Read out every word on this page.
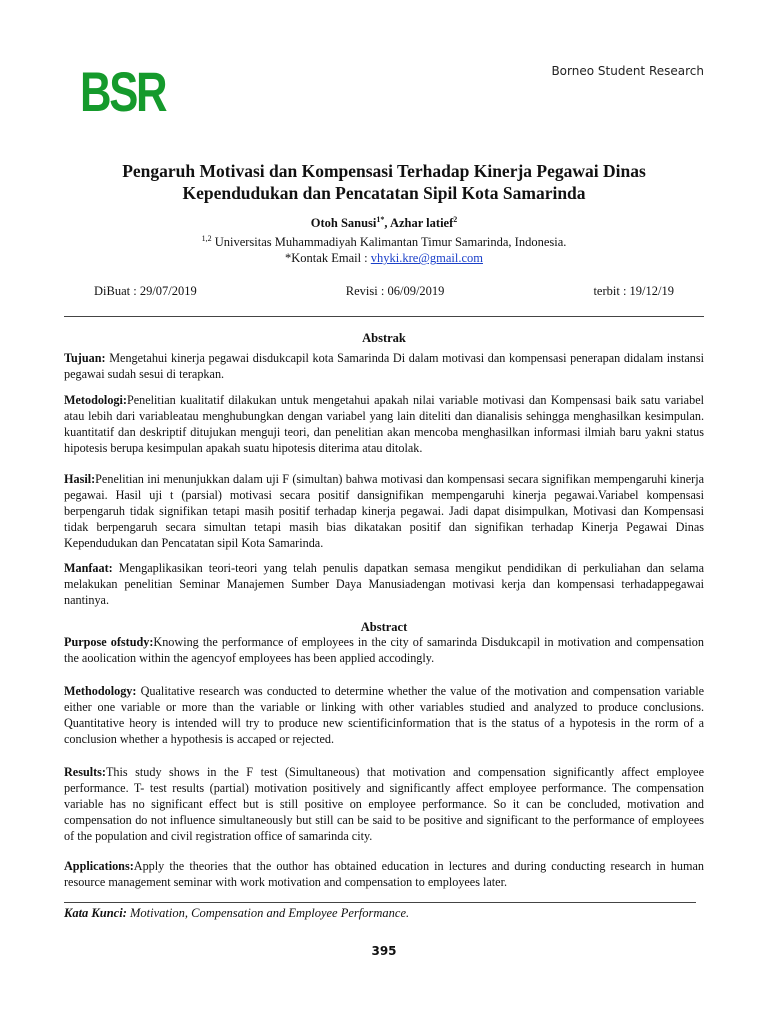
BSR	Borneo Student Research
Pengaruh Motivasi dan Kompensasi Terhadap Kinerja Pegawai Dinas
Kependudukan dan Pencatatan Sipil Kota Samarinda
Otoh Sanusi$^{1*}$, Azhar latief$^2$
$^{1,2}$ Universitas Muhammadiyah Kalimantan Timur Samarinda, Indonesia.
*Kontak Email : vhyki.kre@gmail.com
DiBuat : 29/07/2019	Revisi : 06/09/2019	terbit : 19/12/19
Abstrak

Tujuan: Mengetahui kinerja pegawai disdukcapil kota Samarinda Di dalam motivasi dan kompensasi penerapan didalam instansi pegawai sudah sesui di terapkan.

Metodologi:Penelitian kualitatif dilakukan untuk mengetahui apakah nilai variable motivasi dan Kompensasi baik satu variabel atau lebih dari variableatau menghubungkan dengan variabel yang lain diteliti dan dianalisis sehingga menghasilkan kesimpulan. kuantitatif dan deskriptif ditujukan menguji teori, dan penelitian akan mencoba menghasilkan informasi ilmiah baru yakni status hipotesis berupa kesimpulan apakah suatu hipotesis diterima atau ditolak.

Hasil:Penelitian ini menunjukkan dalam uji F (simultan) bahwa motivasi dan kompensasi secara signifikan mempengaruhi kinerja pegawai. Hasil uji t (parsial) motivasi secara positif dansignifikan mempengaruhi kinerja pegawai.Variabel kompensasi berpengaruh tidak signifikan tetapi masih positif terhadap kinerja pegawai. Jadi dapat disimpulkan, Motivasi dan Kompensasi tidak berpengaruh secara simultan tetapi masih bias dikatakan positif dan signifikan terhadap Kinerja Pegawai Dinas Kependudukan dan Pencatatan sipil Kota Samarinda.

Manfaat: Mengaplikasikan teori-teori yang telah penulis dapatkan semasa mengikut pendidikan di perkuliahan dan selama melakukan penelitian Seminar Manajemen Sumber Daya Manusiadengan motivasi kerja dan kompensasi terhadappegawai nantinya.

Abstract

Purpose ofstudy:Knowing the performance of employees in the city of samarinda Disdukcapil in motivation and compensation the aoolication within the agencyof employees has been applied accodingly.

Methodology: Qualitative research was conducted to determine whether the value of the motivation and compensation variable either one variable or more than the variable or linking with other variables studied and analyzed to produce conclusions. Quantitative heory is intended will try to produce new scientificinformation that is the status of a hypotesis in the rorm of a conclusion whether a hypothesis is accaped or rejected.

Results:This study shows in the F test (Simultaneous) that motivation and compensation significantly affect employee performance. T- test results (partial) motivation positively and significantly affect employee performance. The compensation variable has no significant effect but is still positive on employee performance. So it can be concluded, motivation and compensation do not influence simultaneously but still can be said to be positive and significant to the performance of employees of the population and civil registration office of samarinda city.

Applications:Apply the theories that the outhor has obtained education in lectures and during conducting research in human resource management seminar with work motivation and compensation to employees later.

Kata Kunci: Motivation, Compensation and Employee Performance.
395
